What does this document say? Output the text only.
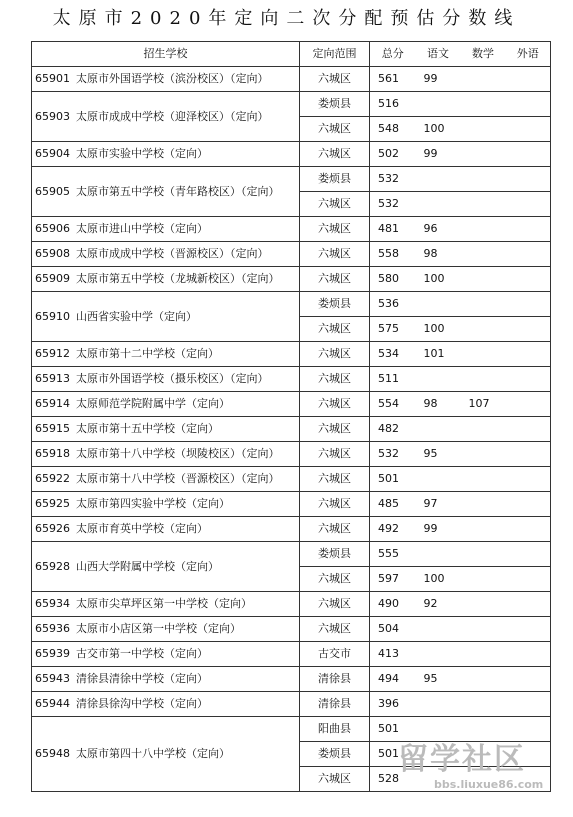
太原市2020年定向二次分配预估分数线
招生学校	定向范围	总分	语文	数学	外语
65901 太原市外国语学校（滨汾校区）（定向）	六城区	561	99		
65903 太原市成成中学校（迎泽校区）（定向）	娄烦县	516			
	六城区	548	100		
65904 太原市实验中学校（定向）	六城区	502	99		
65905 太原市第五中学校（青年路校区）（定向）	娄烦县	532			
	六城区	532			
65906 太原市进山中学校（定向）	六城区	481	96		
65908 太原市成成中学校（晋源校区）（定向）	六城区	558	98		
65909 太原市第五中学校（龙城新校区）（定向）	六城区	580	100		
65910 山西省实验中学（定向）	娄烦县	536			
	六城区	575	100		
65912 太原市第十二中学校（定向）	六城区	534	101		
65913 太原市外国语学校（摄乐校区）（定向）	六城区	511			
65914 太原师范学院附属中学（定向）	六城区	554	98	107	
65915 太原市第十五中学校（定向）	六城区	482			
65918 太原市第十八中学校（坝陵校区）（定向）	六城区	532	95		
65922 太原市第十八中学校（晋源校区）（定向）	六城区	501			
65925 太原市第四实验中学校（定向）	六城区	485	97		
65926 太原市育英中学校（定向）	六城区	492	99		
65928 山西大学附属中学校（定向）	娄烦县	555			
	六城区	597	100		
65934 太原市尖草坪区第一中学校（定向）	六城区	490	92		
65936 太原市小店区第一中学校（定向）	六城区	504			
65939 古交市第一中学校（定向）	古交市	413			
65943 清徐县清徐中学校（定向）	清徐县	494	95		
65944 清徐县徐沟中学校（定向）	清徐县	396			
65948 太原市第四十八中学校（定向）	阳曲县	501			
	娄烦县	501			
	六城区	528			
留学社区
bbs.liuxue86.com
